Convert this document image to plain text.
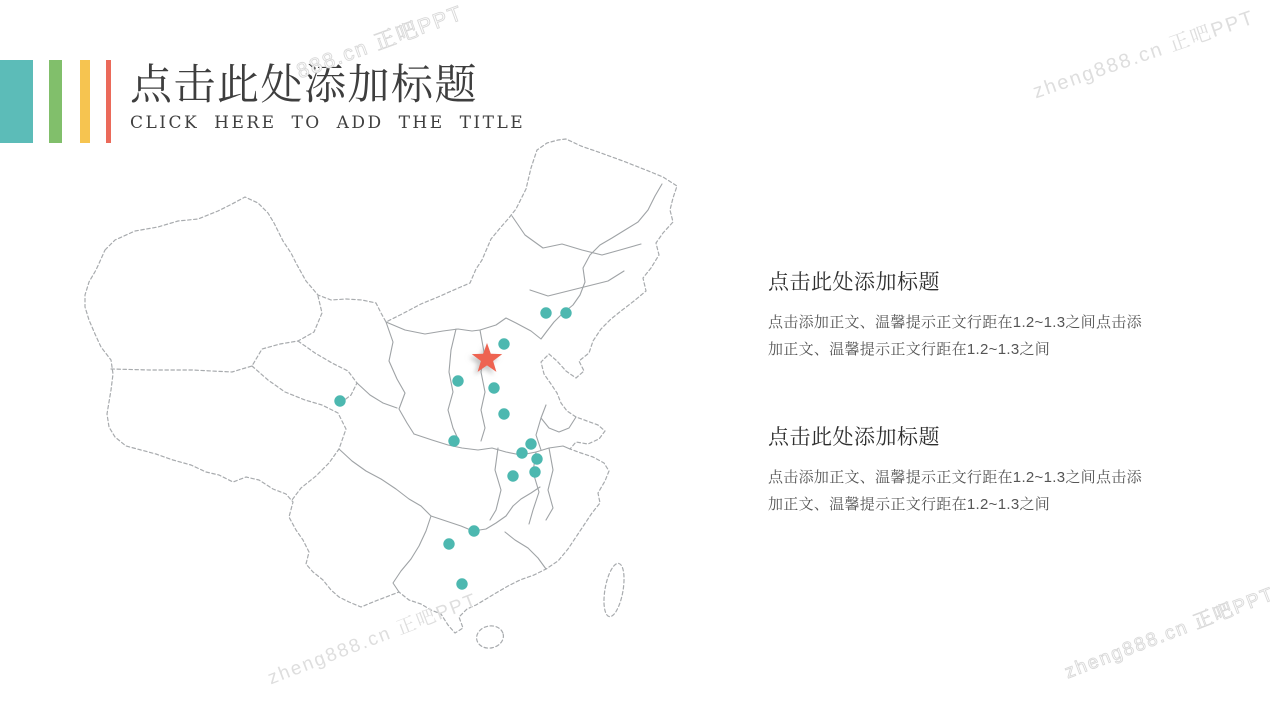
点击此处添加标题
CLICK HERE TO ADD THE TITLE
点击此处添加标题

点击添加正文、温馨提示正文行距在1.2~1.3之间点击添加正文、温馨提示正文行距在1.2~1.3之间

点击此处添加标题

点击添加正文、温馨提示正文行距在1.2~1.3之间点击添加正文、温馨提示正文行距在1.2~1.3之间

888.cn 正吧PPT	zheng888.cn 正吧PPT
zheng888.cn 正吧PPT	zheng888.cn 正吧PPT
